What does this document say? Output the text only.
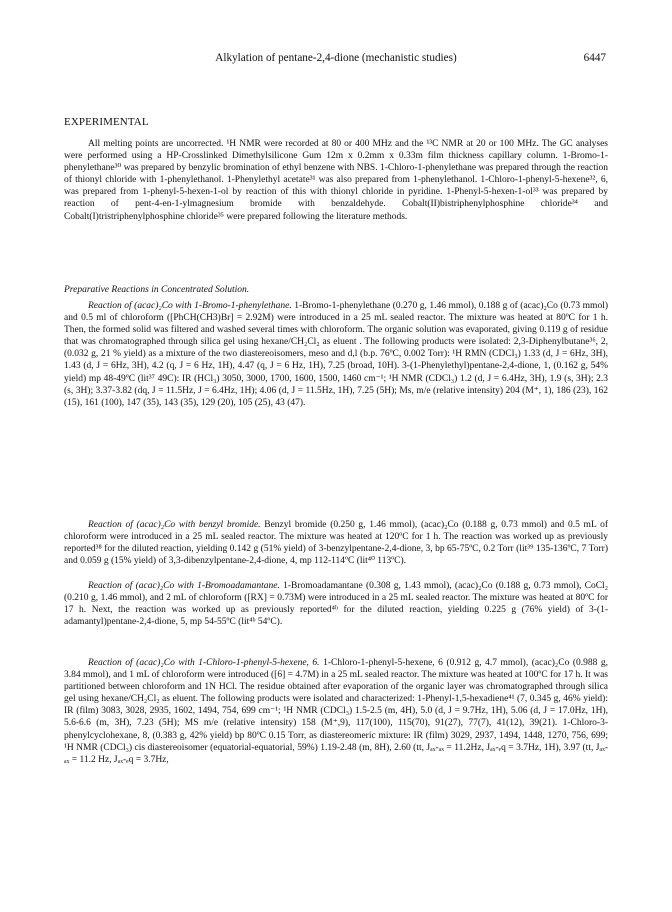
Alkylation of pentane-2,4-dione (mechanistic studies)	6447
EXPERIMENTAL
All melting points are uncorrected. ¹H NMR were recorded at 80 or 400 MHz and the ¹³C NMR at 20 or 100 MHz. The GC analyses were performed using a HP-Crosslinked Dimethylsilicone Gum 12m x 0.2mm x 0.33m film thickness capillary column. 1-Bromo-1-phenylethane³⁰ was prepared by benzylic bromination of ethyl benzene with NBS. 1-Chloro-1-phenylethane was prepared through the reaction of thionyl chloride with 1-phenylethanol. 1-Phenylethyl acetate³¹ was also prepared from 1-phenylethanol. 1-Chloro-1-phenyl-5-hexene³², 6, was prepared from 1-phenyl-5-hexen-1-ol by reaction of this with thionyl chloride in pyridine. 1-Phenyl-5-hexen-1-ol³³ was prepared by reaction of pent-4-en-1-ylmagnesium bromide with benzaldehyde. Cobalt(II)bistriphenylphosphine chloride³⁴ and Cobalt(I)tristriphenylphosphine chloride³⁵ were prepared following the literature methods.
Preparative Reactions in Concentrated Solution.
Reaction of (acac)₂Co with 1-Bromo-1-phenylethane. 1-Bromo-1-phenylethane (0.270 g, 1.46 mmol), 0.188 g of (acac)₂Co (0.73 mmol) and 0.5 ml of chloroform ([PhCH(CH3)Br] = 2.92M) were introduced in a 25 mL sealed reactor. The mixture was heated at 80ºC for 1 h. Then, the formed solid was filtered and washed several times with chloroform. The organic solution was evaporated, giving 0.119 g of residue that was chromatographed through silica gel using hexane/CH₂Cl₂ as eluent . The following products were isolated: 2,3-Diphenylbutane³⁶, 2, (0.032 g, 21 % yield) as a mixture of the two diastereoisomers, meso and d,l (b.p. 76ºC, 0.002 Torr): ¹H RMN (CDCl₃) 1.33 (d, J = 6Hz, 3H), 1.43 (d, J = 6Hz, 3H), 4.2 (q, J = 6 Hz, 1H), 4.47 (q, J = 6 Hz, 1H), 7.25 (broad, 10H). 3-(1-Phenylethyl)pentane-2,4-dione, 1, (0.162 g, 54% yield) mp 48-49ºC (lit³⁷ 49C): IR (HCl₃) 3050, 3000, 1700, 1600, 1500, 1460 cm⁻¹; ¹H NMR (CDCl₃) 1.2 (d, J = 6.4Hz, 3H), 1.9 (s, 3H); 2.3 (s, 3H); 3.37-3.82 (dq, J = 11.5Hz, J = 6.4Hz, 1H); 4.06 (d, J = 11.5Hz, 1H), 7.25 (5H); Ms, m/e (relative intensity) 204 (M⁺, 1), 186 (23), 162 (15), 161 (100), 147 (35), 143 (35), 129 (20), 105 (25), 43 (47).
Reaction of (acac)₂Co with benzyl bromide. Benzyl bromide (0.250 g, 1.46 mmol), (acac)₂Co (0.188 g, 0.73 mmol) and 0.5 mL of chloroform were introduced in a 25 mL sealed reactor. The mixture was heated at 120ºC for 1 h. The reaction was worked up as previously reported³⁸ for the diluted reaction, yielding 0.142 g (51% yield) of 3-benzylpentane-2,4-dione, 3, bp 65-75ºC, 0.2 Torr (lit³⁹ 135-136ºC, 7 Torr) and 0.059 g (15% yield) of 3,3-dibenzylpentane-2,4-dione, 4, mp 112-114ºC (lit⁴⁰ 113ºC).
Reaction of (acac)₂Co with 1-Bromoadamantane. 1-Bromoadamantane (0.308 g, 1.43 mmol), (acac)₂Co (0.188 g, 0.73 mmol), CoCl₂ (0.210 g, 1.46 mmol), and 2 mL of chloroform ([RX] = 0.73M) were introduced in a 25 mL sealed reactor. The mixture was heated at 80ºC for 17 h. Next, the reaction was worked up as previously reported⁴ᵇ for the diluted reaction, yielding 0.225 g (76% yield) of 3-(1-adamantyl)pentane-2,4-dione, 5, mp 54-55ºC (lit⁴ᵇ 54ºC).
Reaction of (acac)₂Co with 1-Chloro-1-phenyl-5-hexene, 6. 1-Chloro-1-phenyl-5-hexene, 6 (0.912 g, 4.7 mmol), (acac)₂Co (0.988 g, 3.84 mmol), and 1 mL of chloroform were introduced ([6] = 4.7M) in a 25 mL sealed reactor. The mixture was heated at 100ºC for 17 h. It was partitioned between chloroform and 1N HCl. The residue obtained after evaporation of the organic layer was chromatographed through silica gel using hexane/CH₂Cl₂ as eluent. The following products were isolated and characterized: 1-Phenyl-1,5-hexadiene⁴¹ (7, 0.345 g, 46% yield): IR (film) 3083, 3028, 2935, 1602, 1494, 754, 699 cm⁻¹; ¹H NMR (CDCl₃) 1.5-2.5 (m, 4H), 5.0 (d, J = 9.7Hz, 1H), 5.06 (d, J = 17.0Hz, 1H), 5.6-6.6 (m, 3H), 7.23 (5H); MS m/e (relative intensity) 158 (M⁺,9), 117(100), 115(70), 91(27), 77(7), 41(12), 39(21). 1-Chloro-3-phenylcyclohexane, 8, (0.383 g, 42% yield) bp 80ºC 0.15 Torr, as diastereomeric mixture: IR (film) 3029, 2937, 1494, 1448, 1270, 756, 699; ¹H NMR (CDCl₃) cis diastereoisomer (equatorial-equatorial, 59%) 1.19-2.48 (m, 8H), 2.60 (tt, Jₐₓ-ₐₓ = 11.2Hz, Jₐₓ-ₑq = 3.7Hz, 1H), 3.97 (tt, Jₐₓ-ₐₓ = 11.2 Hz, Jₐₓ-ₑq = 3.7Hz,
